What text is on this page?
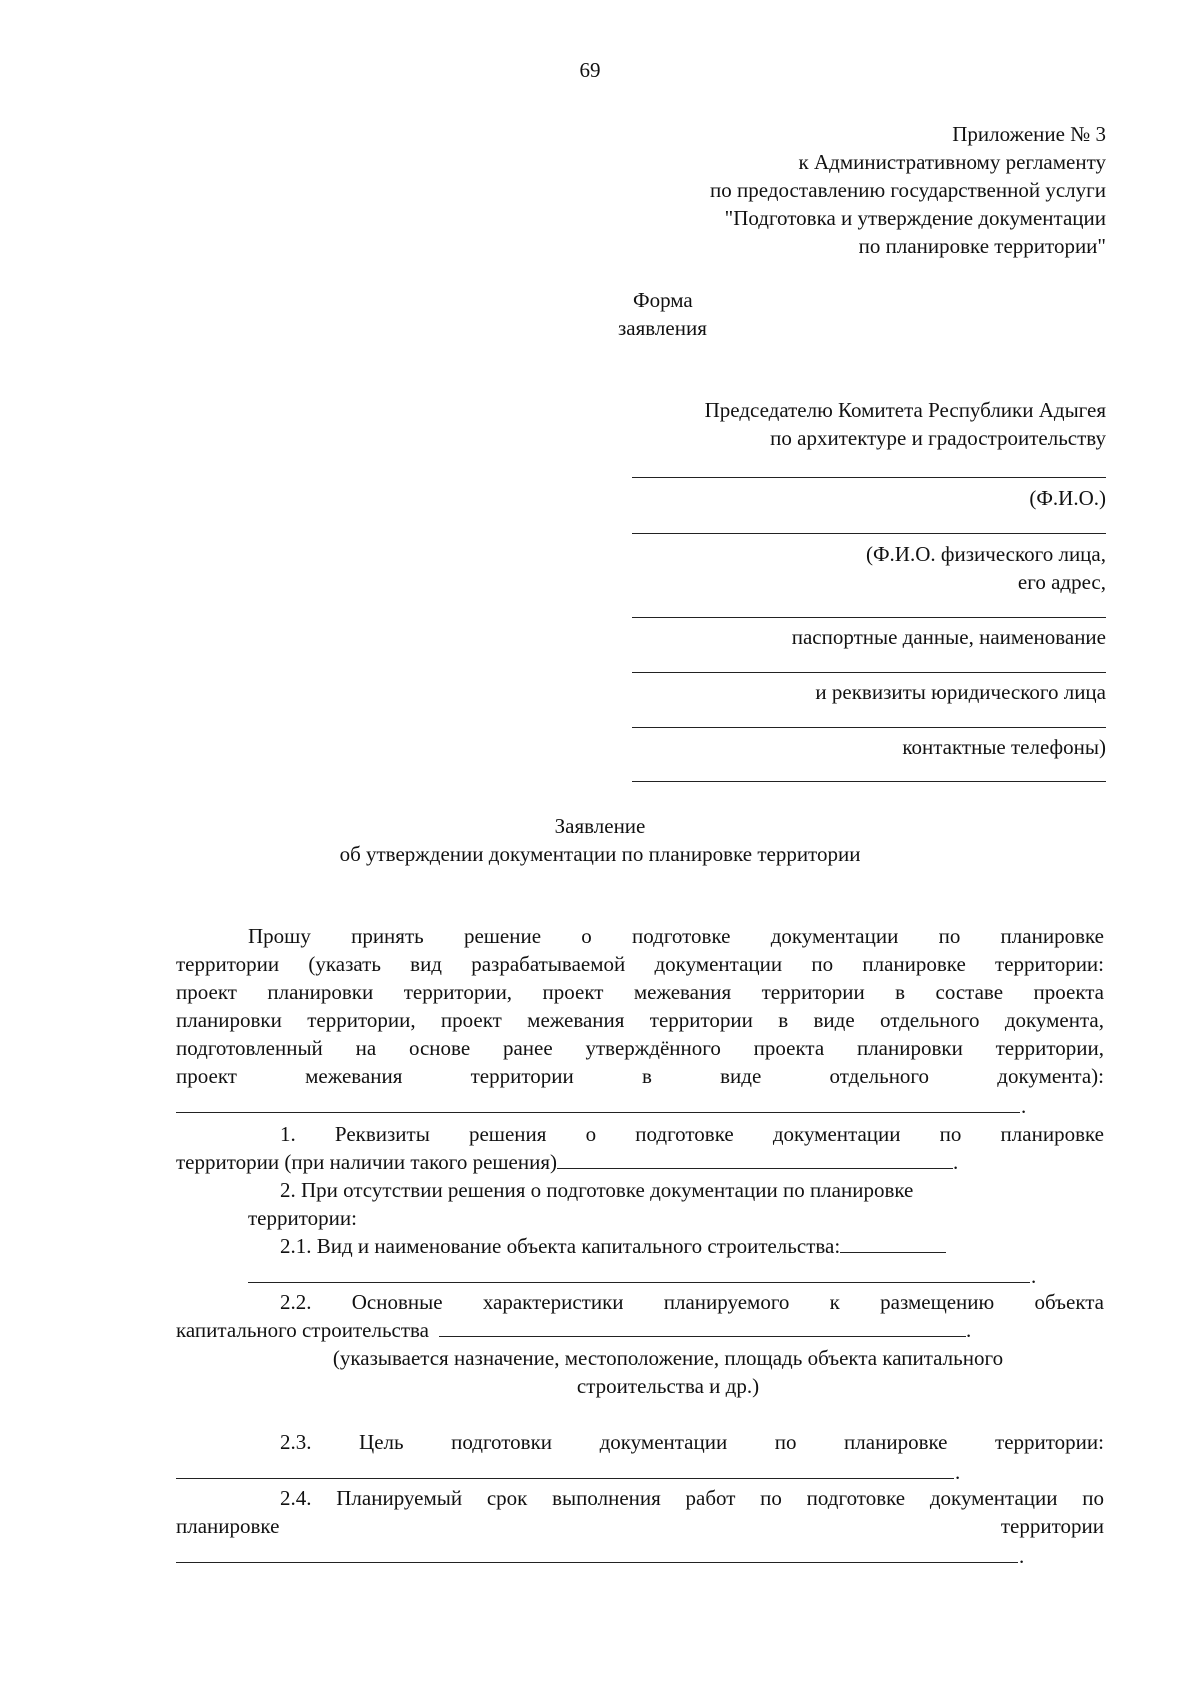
69
Приложение № 3
к Административному регламенту
по предоставлению государственной услуги
"Подготовка и утверждение документации
по планировке территории"
Форма
заявления
Председателю Комитета Республики Адыгея
по архитектуре и градостроительству
(Ф.И.О.)
(Ф.И.О. физического лица,
его адрес,
паспортные данные, наименование
и реквизиты юридического лица
контактные телефоны)
Заявление
об утверждении документации по планировке территории
Прошу принять решение о подготовке документации по планировке
территории (указать вид разрабатываемой документации по планировке территории:
проект планировки территории, проект межевания территории в составе проекта
планировки территории, проект межевания территории в виде отдельного документа,
подготовленный на основе ранее утверждённого проекта планировки территории,
проект межевания территории в виде отдельного документа):
.
1. Реквизиты решения о подготовке документации по планировке
территории (при наличии такого решения)	.
2. При отсутствии решения о подготовке документации по планировке
территории:
2.1. Вид и наименование объекта капитального строительства:
.
2.2. Основные характеристики планируемого к размещению объекта
капитального строительства	.
(указывается назначение, местоположение, площадь объекта капитального
строительства и др.)
2.3. Цель подготовки документации по планировке территории:
.
2.4. Планируемый срок выполнения работ по подготовке документации по
планировке	территории
.
